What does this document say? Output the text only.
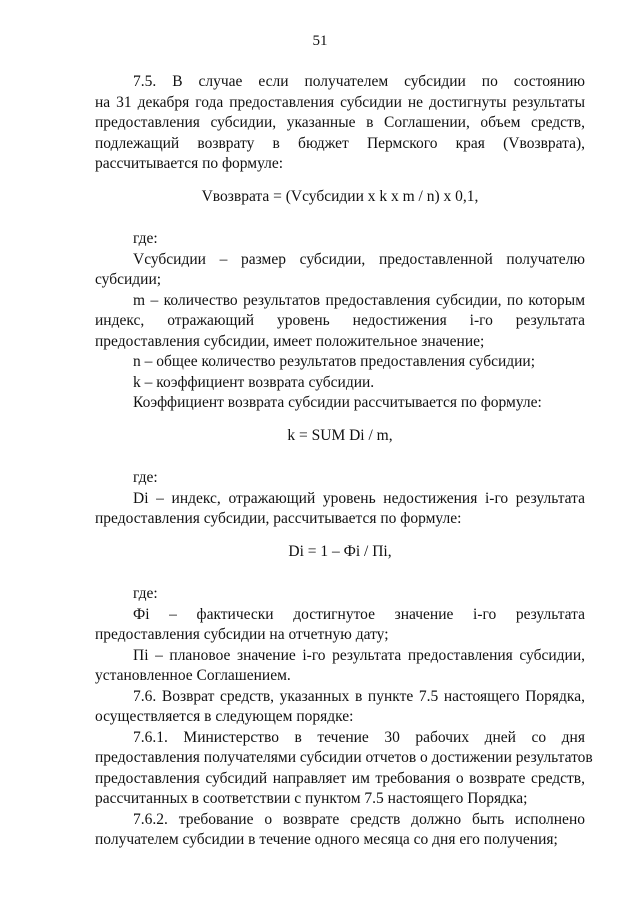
51
7.5. В случае если получателем субсидии по состоянию
на 31 декабря года предоставления субсидии не достигнуты результаты
предоставления субсидии, указанные в Соглашении, объем средств,
подлежащий возврату в бюджет Пермского края (Vвозврата),
рассчитывается по формуле:
Vвозврата = (Vсубсидии x k x m / n) x 0,1,
где:
Vсубсидии – размер субсидии, предоставленной получателю
субсидии;
m – количество результатов предоставления субсидии, по которым
индекс, отражающий уровень недостижения i-го результата
предоставления субсидии, имеет положительное значение;
n – общее количество результатов предоставления субсидии;
k – коэффициент возврата субсидии.
Коэффициент возврата субсидии рассчитывается по формуле:
k = SUM Di / m,
где:
Di – индекс, отражающий уровень недостижения i-го результата
предоставления субсидии, рассчитывается по формуле:
Di = 1 – Фi / Пi,
где:
Фi – фактически достигнутое значение i-го результата
предоставления субсидии на отчетную дату;
Пi – плановое значение i-го результата предоставления субсидии,
установленное Соглашением.
7.6. Возврат средств, указанных в пункте 7.5 настоящего Порядка,
осуществляется в следующем порядке:
7.6.1. Министерство в течение 30 рабочих дней со дня
предоставления получателями субсидии отчетов о достижении результатов
предоставления субсидий направляет им требования о возврате средств,
рассчитанных в соответствии с пунктом 7.5 настоящего Порядка;
7.6.2. требование о возврате средств должно быть исполнено
получателем субсидии в течение одного месяца со дня его получения;
